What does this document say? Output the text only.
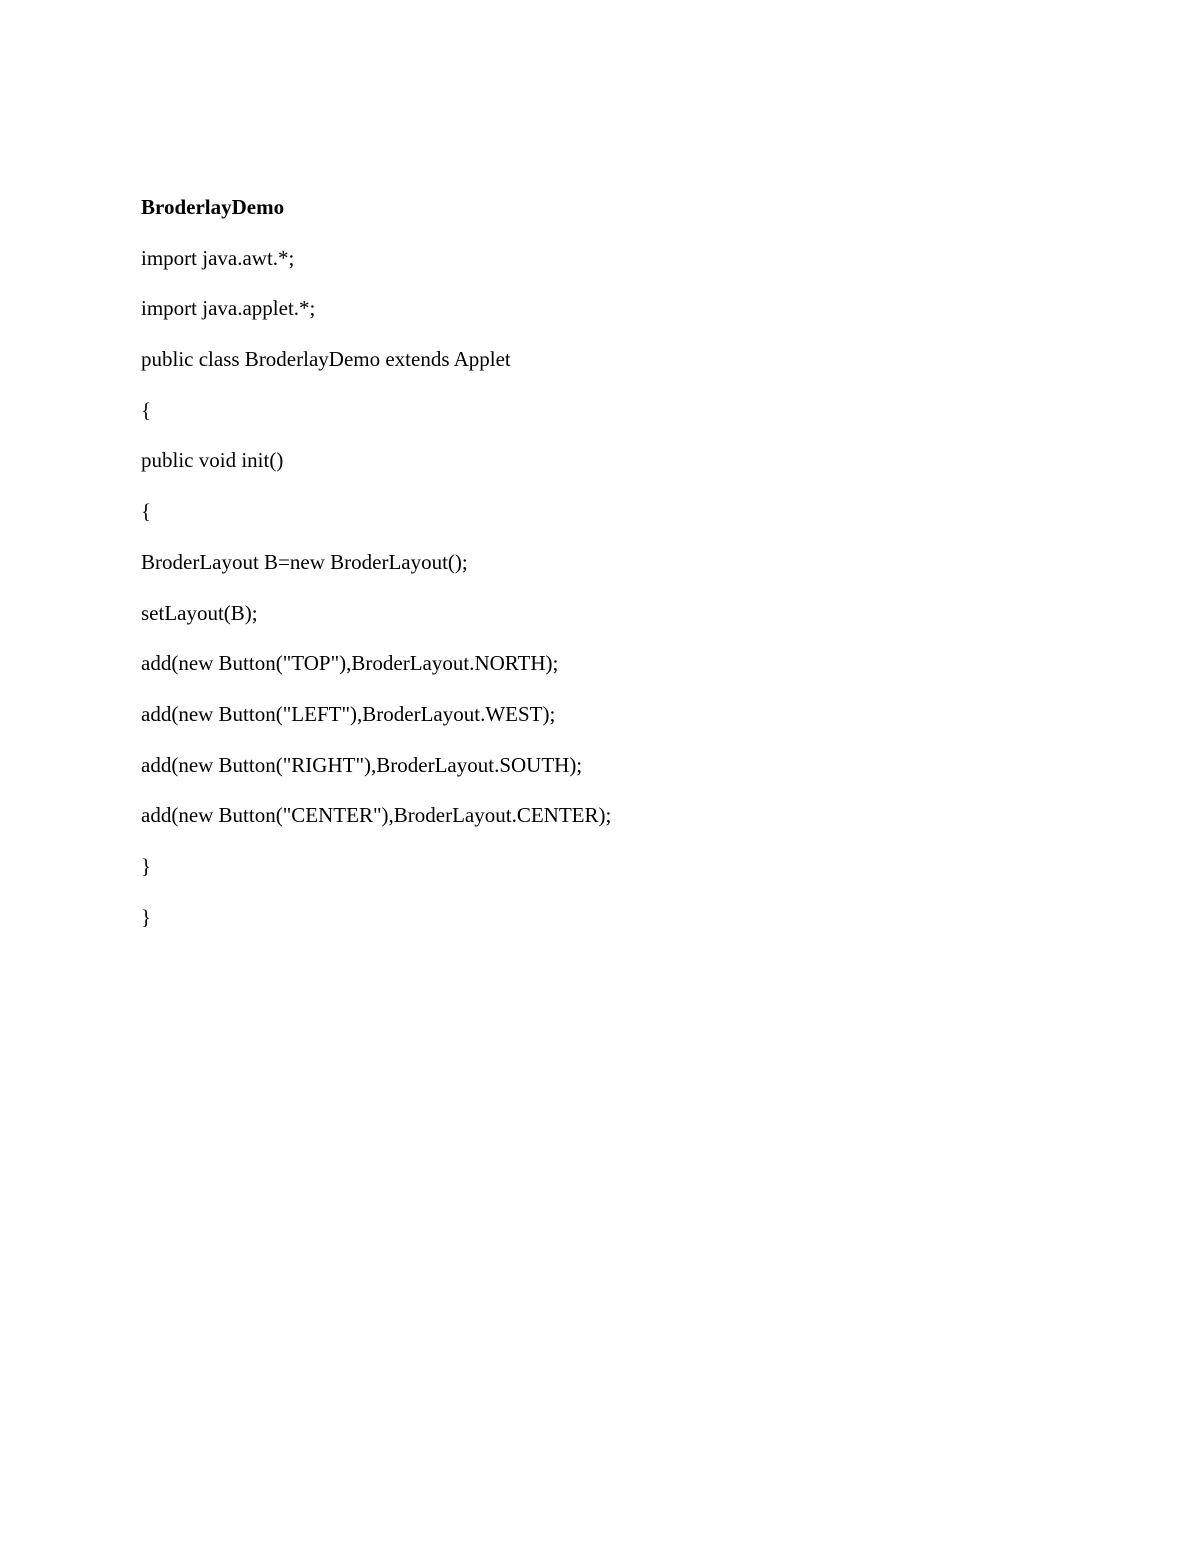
BroderlayDemo
import java.awt.*;
import java.applet.*;
public class BroderlayDemo extends Applet
{
public void init()
{
BroderLayout B=new BroderLayout();
setLayout(B);
add(new Button("TOP"),BroderLayout.NORTH);
add(new Button("LEFT"),BroderLayout.WEST);
add(new Button("RIGHT"),BroderLayout.SOUTH);
add(new Button("CENTER"),BroderLayout.CENTER);
}
}
